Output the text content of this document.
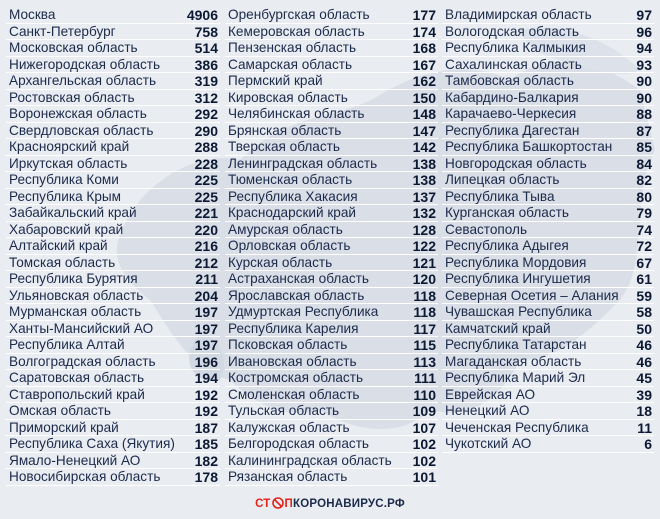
Москва	4906
Санкт-Петербург	758
Московская область	514
Нижегородская область 386
Архангельская область	319
Ростовская область	312
Воронежская область	292
Свердловская область	290
Красноярский край	288
Иркутская область	228
Республика Коми	225
Республика Крым	225
Забайкальский край	221
Хабаровский край	220
Алтайский край	216
Томская область	212
Республика Бурятия	211
Ульяновская область	204
Мурманская область	197
Ханты-Мансийский АО	197
Республика Алтай	197
Волгоградская область	196
Саратовская область	194
Ставропольский край	192
Омская область	192
Приморский край	187
Республика Саха (Якутия) 185
Ямало-Ненецкий АО	182
Новосибирская область 178
Оренбургская область	177
Кемеровская область	174
Пензенская область	168
Самарская область	167
Пермский край	162
Кировская область	150
Челябинская область	148
Брянская область	147
Тверская область	142
Ленинградская область	138
Тюменская область	138
Республика Хакасия	137
Краснодарский край	132
Амурская область	128
Орловская область	122
Курская область	121
Астраханская область	120
Ярославская область	118
Удмуртская Республика	118
Республика Карелия	117
Псковская область	115
Ивановская область	113
Костромская область	111
Смоленская область	110
Тульская область	109
Калужская область	107
Белгородская область	102
Калининградская область 102
Рязанская область	101
Владимирская область	97
Вологодская область	96
Республика Калмыкия	94
Сахалинская область	93
Тамбовская область	90
Кабардино-Балкария	90
Карачаево-Черкесия	88
Республика Дагестан	87
Республика Башкортостан 85
Новгородская область	84
Липецкая область	82
Республика Тыва	80
Курганская область	79
Севастополь	74
Республика Адыгея	72
Республика Мордовия	67
Республика Ингушетия	61
Северная Осетия – Алания 59
Чувашская Республика	58
Камчатский край	50
Республика Татарстан	46
Магаданская область	46
Республика Марий Эл	45
Еврейская АО	39
Ненецкий АО	18
Чеченская Республика	11
Чукотский АО	6
СТ ПКОРОНАВИРУС.РФ
